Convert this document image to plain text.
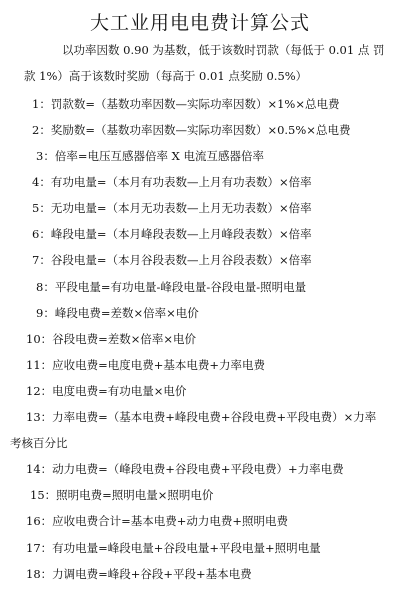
大工业用电电费计算公式
以功率因数 0.90 为基数，低于该数时罚款（每低于 0.01 点 罚
款 1%）高于该数时奖励（每高于 0.01 点奖励 0.5%）
1：罚款数=（基数功率因数—实际功率因数）×1%×总电费
2：奖励数=（基数功率因数—实际功率因数）×0.5%×总电费
3：倍率=电压互感器倍率 X 电流互感器倍率
4：有功电量=（本月有功表数—上月有功表数）×倍率
5：无功电量=（本月无功表数—上月无功表数）×倍率
6：峰段电量=（本月峰段表数—上月峰段表数）×倍率
7：谷段电量=（本月谷段表数—上月谷段表数）×倍率
8：平段电量=有功电量-峰段电量-谷段电量-照明电量
9：峰段电费=差数×倍率×电价
10：谷段电费=差数×倍率×电价
11：应收电费=电度电费+基本电费+力率电费
12：电度电费=有功电量×电价
13：力率电费=（基本电费+峰段电费+谷段电费+平段电费）×力率
考核百分比
14：动力电费=（峰段电费+谷段电费+平段电费）+力率电费
15：照明电费=照明电量×照明电价
16：应收电费合计=基本电费+动力电费+照明电费
17：有功电量=峰段电量+谷段电量+平段电量+照明电量
18：力调电费=峰段+谷段+平段+基本电费
